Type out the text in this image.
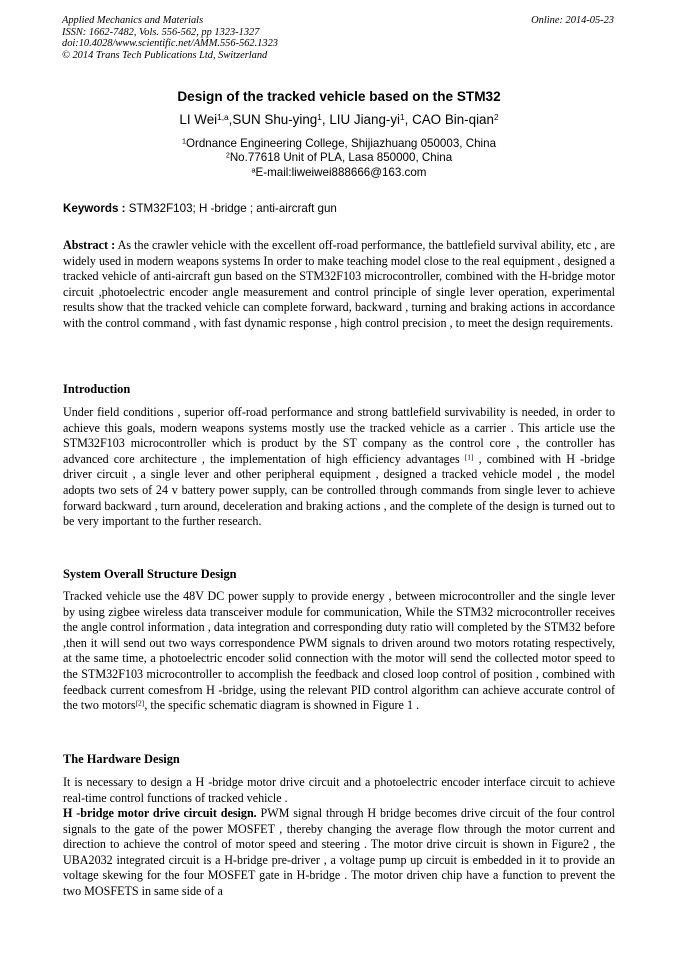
Applied Mechanics and Materials
ISSN: 1662-7482, Vols. 556-562, pp 1323-1327
doi:10.4028/www.scientific.net/AMM.556-562.1323
© 2014 Trans Tech Publications Ltd, Switzerland
Online: 2014-05-23
Design of the tracked vehicle based on the STM32
LI Wei$^{1,a}$,SUN Shu-ying$^1$, LIU Jiang-$yi^1$, CAO Bin-qian$^2$
$^1$Ordnance Engineering College, Shijiazhuang 050003, China
$^2$No.77618 Unit of PLA, Lasa 850000, China
$^a$E-mail:liweiwei888666@163.com
Keywords : STM32F103; H -bridge ; anti-aircraft gun
Abstract : As the crawler vehicle with the excellent off-road performance, the battlefield survival ability, etc , are widely used in modern weapons systems In order to make teaching model close to the real equipment , designed a tracked vehicle of anti-aircraft gun based on the STM32F103 microcontroller, combined with the H-bridge motor circuit ,photoelectric encoder angle measurement and control principle of single lever operation, experimental results show that the tracked vehicle can complete forward, backward , turning and braking actions in accordance with the control command , with fast dynamic response , high control precision , to meet the design requirements.
Introduction
Under field conditions , superior off-road performance and strong battlefield survivability is needed, in order to achieve this goals, modern weapons systems mostly use the tracked vehicle as a carrier . This article use the STM32F103 microcontroller which is product by the ST company as the control core , the controller has advanced core architecture , the implementation of high efficiency advantages [1] , combined with H -bridge driver circuit , a single lever and other peripheral equipment , designed a tracked vehicle model , the model adopts two sets of 24 v battery power supply, can be controlled through commands from single lever to achieve forward backward , turn around, deceleration and braking actions , and the complete of the design is turned out to be very important to the further research.
System Overall Structure Design
Tracked vehicle use the 48V DC power supply to provide energy , between microcontroller and the single lever by using zigbee wireless data transceiver module for communication, While the STM32 microcontroller receives the angle control information , data integration and corresponding duty ratio will completed by the STM32 before ,then it will send out two ways correspondence PWM signals to driven around two motors rotating respectively, at the same time, a photoelectric encoder solid connection with the motor will send the collected motor speed to the STM32F103 microcontroller to accomplish the feedback and closed loop control of position , combined with feedback current comesfrom H -bridge, using the relevant PID control algorithm can achieve accurate control of the two motors[2], the specific schematic diagram is showned in Figure 1 .
The Hardware Design
It is necessary to design a H -bridge motor drive circuit and a photoelectric encoder interface circuit to achieve real-time control functions of tracked vehicle .
H -bridge motor drive circuit design. PWM signal through H bridge becomes drive circuit of the four control signals to the gate of the power MOSFET , thereby changing the average flow through the motor current and direction to achieve the control of motor speed and steering . The motor drive circuit is shown in Figure2 , the UBA2032 integrated circuit is a H-bridge pre-driver , a voltage pump up circuit is embedded in it to provide an voltage skewing for the four MOSFET gate in H-bridge . The motor driven chip have a function to prevent the two MOSFETS in same side of a
